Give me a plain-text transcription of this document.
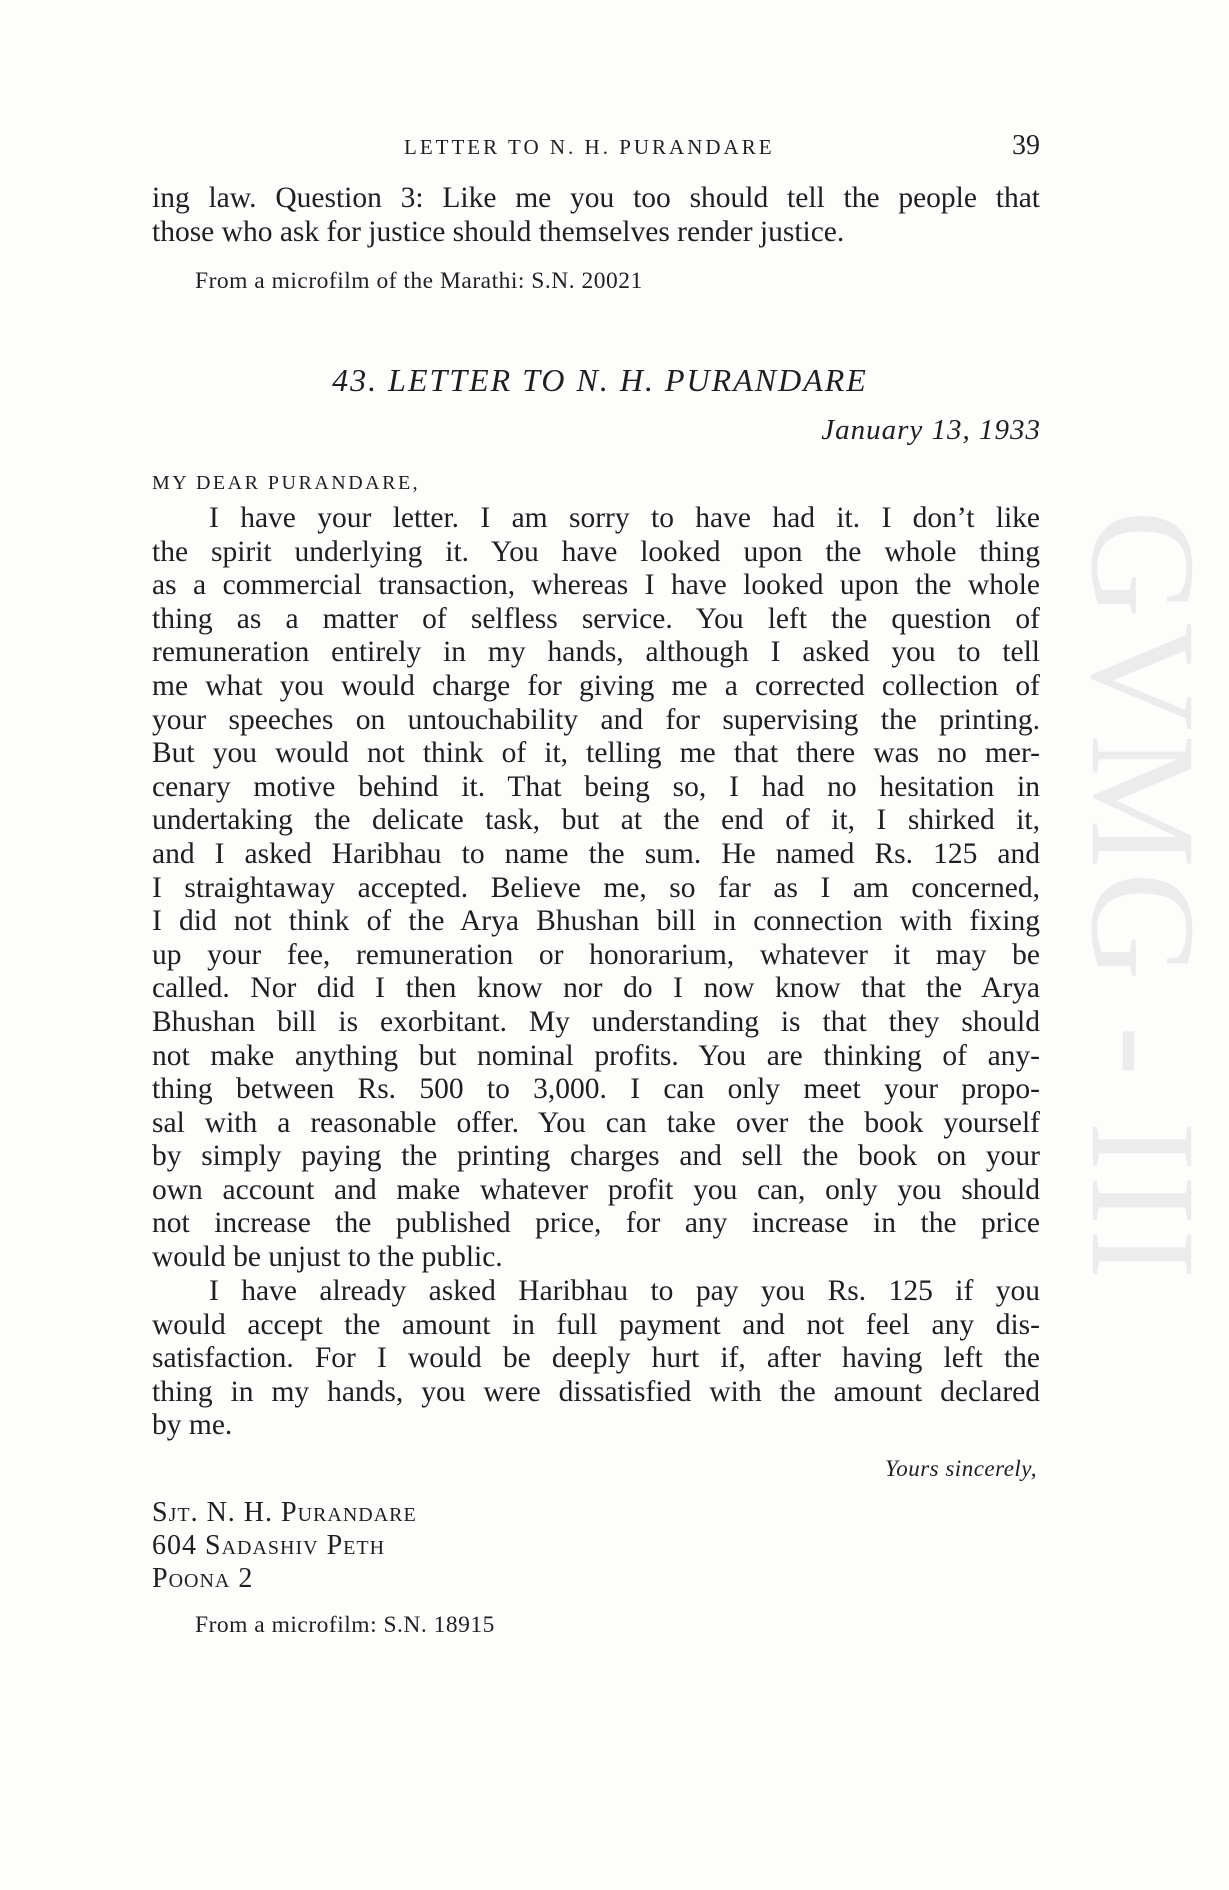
GVMG - III
LETTER TO N. H. PURANDARE	39
ing law. Question 3: Like me you too should tell the people that
those who ask for justice should themselves render justice.
From a microfilm of the Marathi: S.N. 20021
43. LETTER TO N. H. PURANDARE
January 13, 1933
MY DEAR PURANDARE,
I have your letter. I am sorry to have had it. I don’t like
the spirit underlying it. You have looked upon the whole thing
as a commercial transaction, whereas I have looked upon the whole
thing as a matter of selfless service. You left the question of
remuneration entirely in my hands, although I asked you to tell
me what you would charge for giving me a corrected collection of
your speeches on untouchability and for supervising the printing.
But you would not think of it, telling me that there was no mer-
cenary motive behind it. That being so, I had no hesitation in
undertaking the delicate task, but at the end of it, I shirked it,
and I asked Haribhau to name the sum. He named Rs. 125 and
I straightaway accepted. Believe me, so far as I am concerned,
I did not think of the Arya Bhushan bill in connection with fixing
up your fee, remuneration or honorarium, whatever it may be
called. Nor did I then know nor do I now know that the Arya
Bhushan bill is exorbitant. My understanding is that they should
not make anything but nominal profits. You are thinking of any-
thing between Rs. 500 to 3,000. I can only meet your propo-
sal with a reasonable offer. You can take over the book yourself
by simply paying the printing charges and sell the book on your
own account and make whatever profit you can, only you should
not increase the published price, for any increase in the price
would be unjust to the public.
I have already asked Haribhau to pay you Rs. 125 if you
would accept the amount in full payment and not feel any dis-
satisfaction. For I would be deeply hurt if, after having left the
thing in my hands, you were dissatisfied with the amount declared
by me.
Yours sincerely,
Sjt. N. H. Purandare
604 Sadashiv Peth
Poona 2
From a microfilm: S.N. 18915
